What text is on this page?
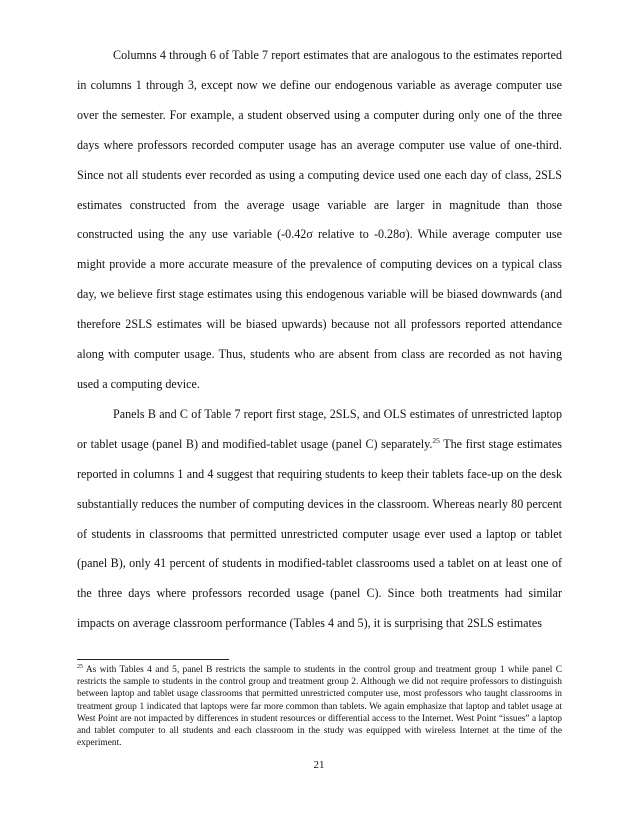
Columns 4 through 6 of Table 7 report estimates that are analogous to the estimates reported in columns 1 through 3, except now we define our endogenous variable as average computer use over the semester. For example, a student observed using a computer during only one of the three days where professors recorded computer usage has an average computer use value of one-third. Since not all students ever recorded as using a computing device used one each day of class, 2SLS estimates constructed from the average usage variable are larger in magnitude than those constructed using the any use variable (-0.42σ relative to -0.28σ). While average computer use might provide a more accurate measure of the prevalence of computing devices on a typical class day, we believe first stage estimates using this endogenous variable will be biased downwards (and therefore 2SLS estimates will be biased upwards) because not all professors reported attendance along with computer usage. Thus, students who are absent from class are recorded as not having used a computing device.

Panels B and C of Table 7 report first stage, 2SLS, and OLS estimates of unrestricted laptop or tablet usage (panel B) and modified-tablet usage (panel C) separately.$^{25}$ The first stage estimates reported in columns 1 and 4 suggest that requiring students to keep their tablets face-up on the desk substantially reduces the number of computing devices in the classroom. Whereas nearly 80 percent of students in classrooms that permitted unrestricted computer usage ever used a laptop or tablet (panel B), only 41 percent of students in modified-tablet classrooms used a tablet on at least one of the three days where professors recorded usage (panel C). Since both treatments had similar impacts on average classroom performance (Tables 4 and 5), it is surprising that 2SLS estimates

$^{25}$ As with Tables 4 and 5, panel B restricts the sample to students in the control group and treatment group 1 while panel C restricts the sample to students in the control group and treatment group 2. Although we did not require professors to distinguish between laptop and tablet usage classrooms that permitted unrestricted computer use, most professors who taught classrooms in treatment group 1 indicated that laptops were far more common than tablets. We again emphasize that laptop and tablet usage at West Point are not impacted by differences in student resources or differential access to the Internet. West Point “issues” a laptop and tablet computer to all students and each classroom in the study was equipped with wireless Internet at the time of the experiment.

21
